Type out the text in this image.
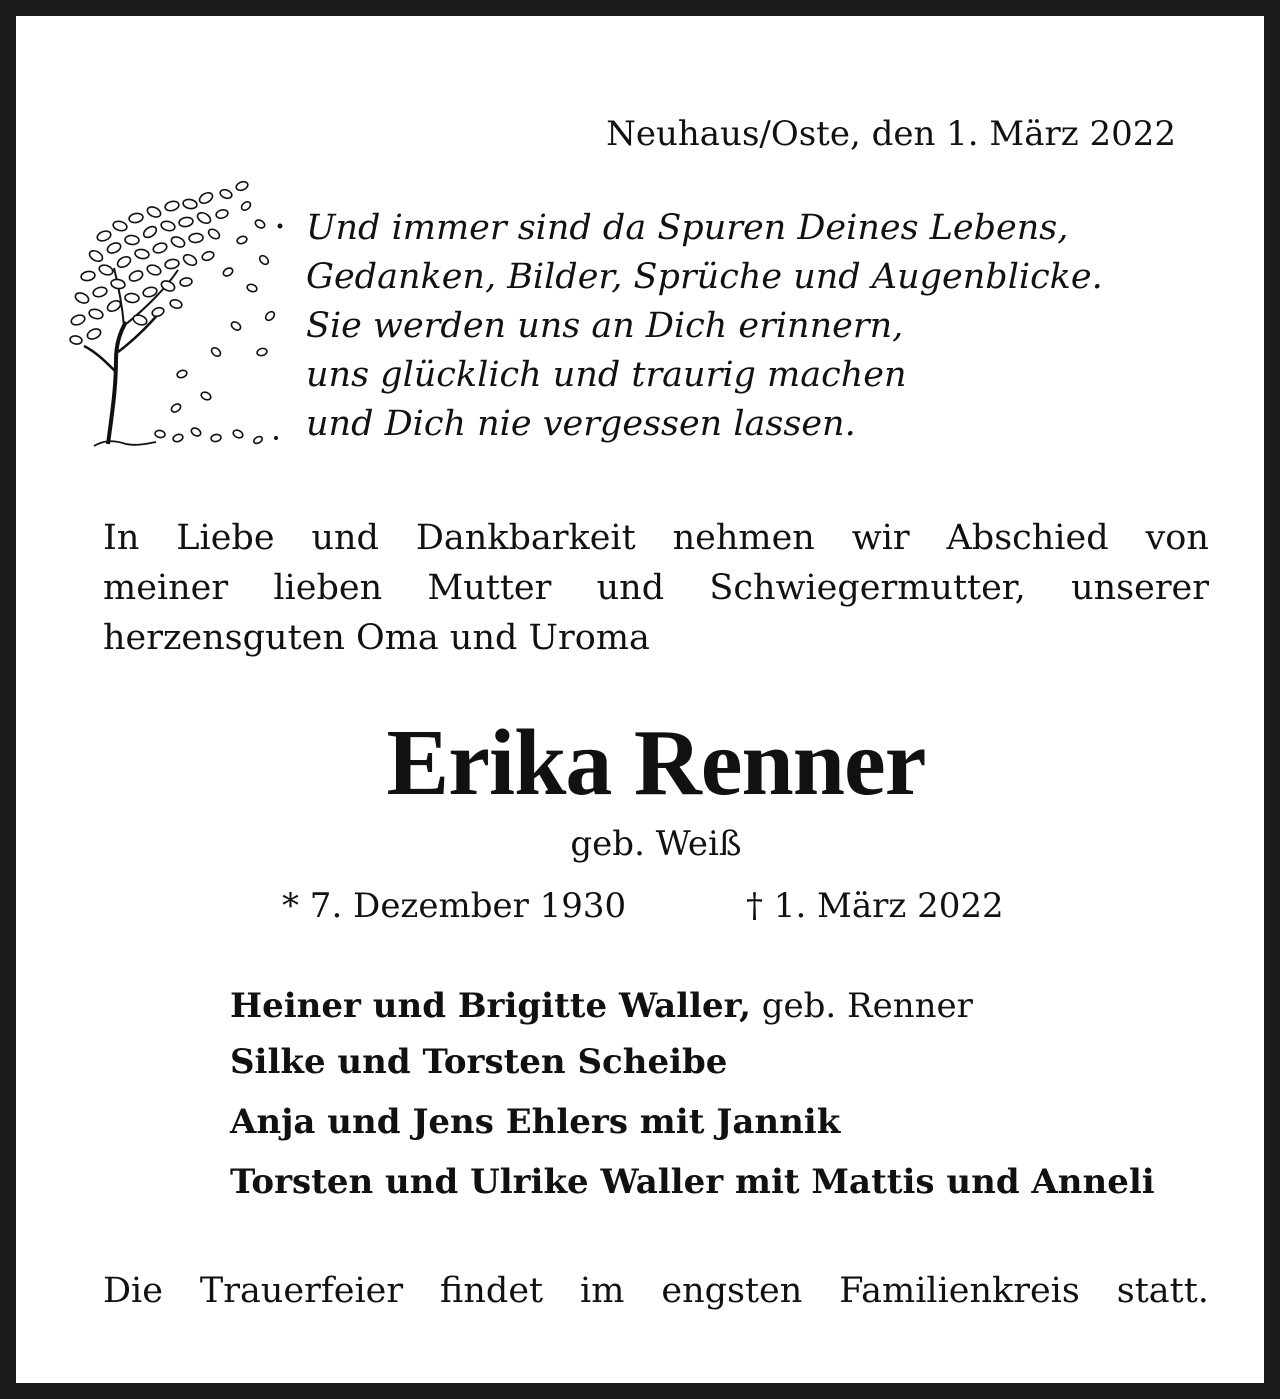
Neuhaus/Oste, den 1. März 2022
Und immer sind da Spuren Deines Lebens,
Gedanken, Bilder, Sprüche und Augenblicke.
Sie werden uns an Dich erinnern,
uns glücklich und traurig machen
und Dich nie vergessen lassen.
In Liebe und Dankbarkeit nehmen wir Abschied von
meiner lieben Mutter und Schwiegermutter, unserer
herzensguten Oma und Uroma
Erika Renner
geb. Weiß
* 7. Dezember 1930	† 1. März 2022
Heiner und Brigitte Waller, geb. Renner
Silke und Torsten Scheibe
Anja und Jens Ehlers mit Jannik
Torsten und Ulrike Waller mit Mattis und Anneli
Die Trauerfeier findet im engsten Familienkreis statt.
